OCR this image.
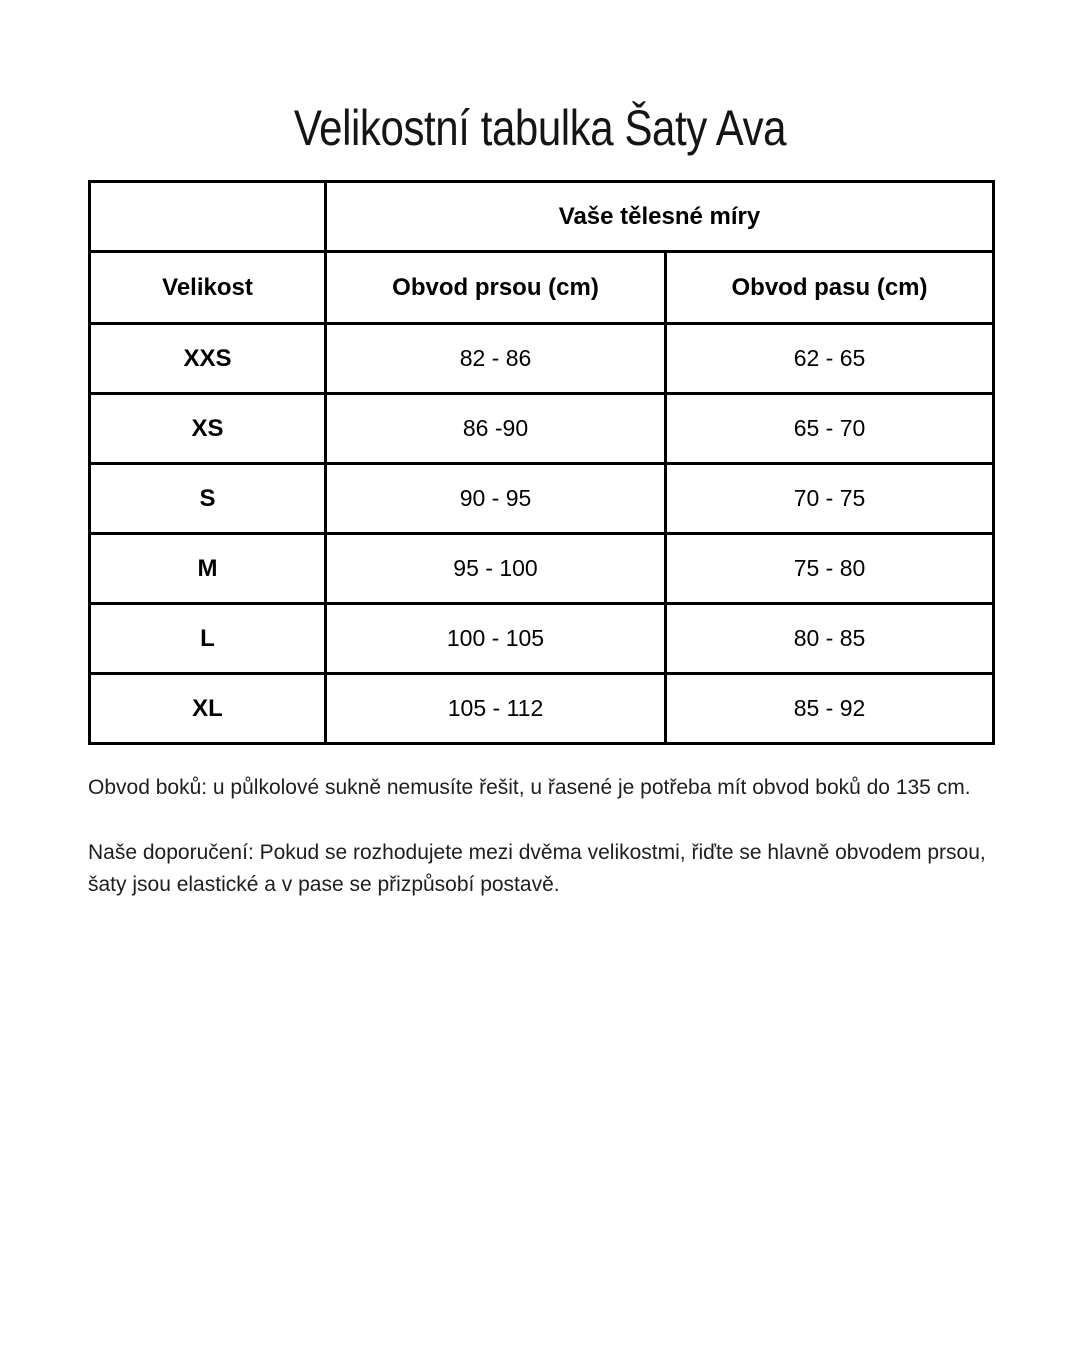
Velikostní tabulka Šaty Ava
	Vaše tělesné míry	
Velikost	Obvod prsou (cm)	Obvod pasu (cm)
XXS	82 - 86	62 - 65
XS	86 -90	65 - 70
S	90 - 95	70 - 75
M	95 - 100	75 - 80
L	100 - 105	80 - 85
XL	105 - 112	85 - 92

Obvod boků: u půlkolové sukně nemusíte řešit, u řasené je potřeba mít obvod boků do 135 cm.

Naše doporučení: Pokud se rozhodujete mezi dvěma velikostmi, řiďte se hlavně obvodem prsou, šaty jsou elastické a v pase se přizpůsobí postavě.
